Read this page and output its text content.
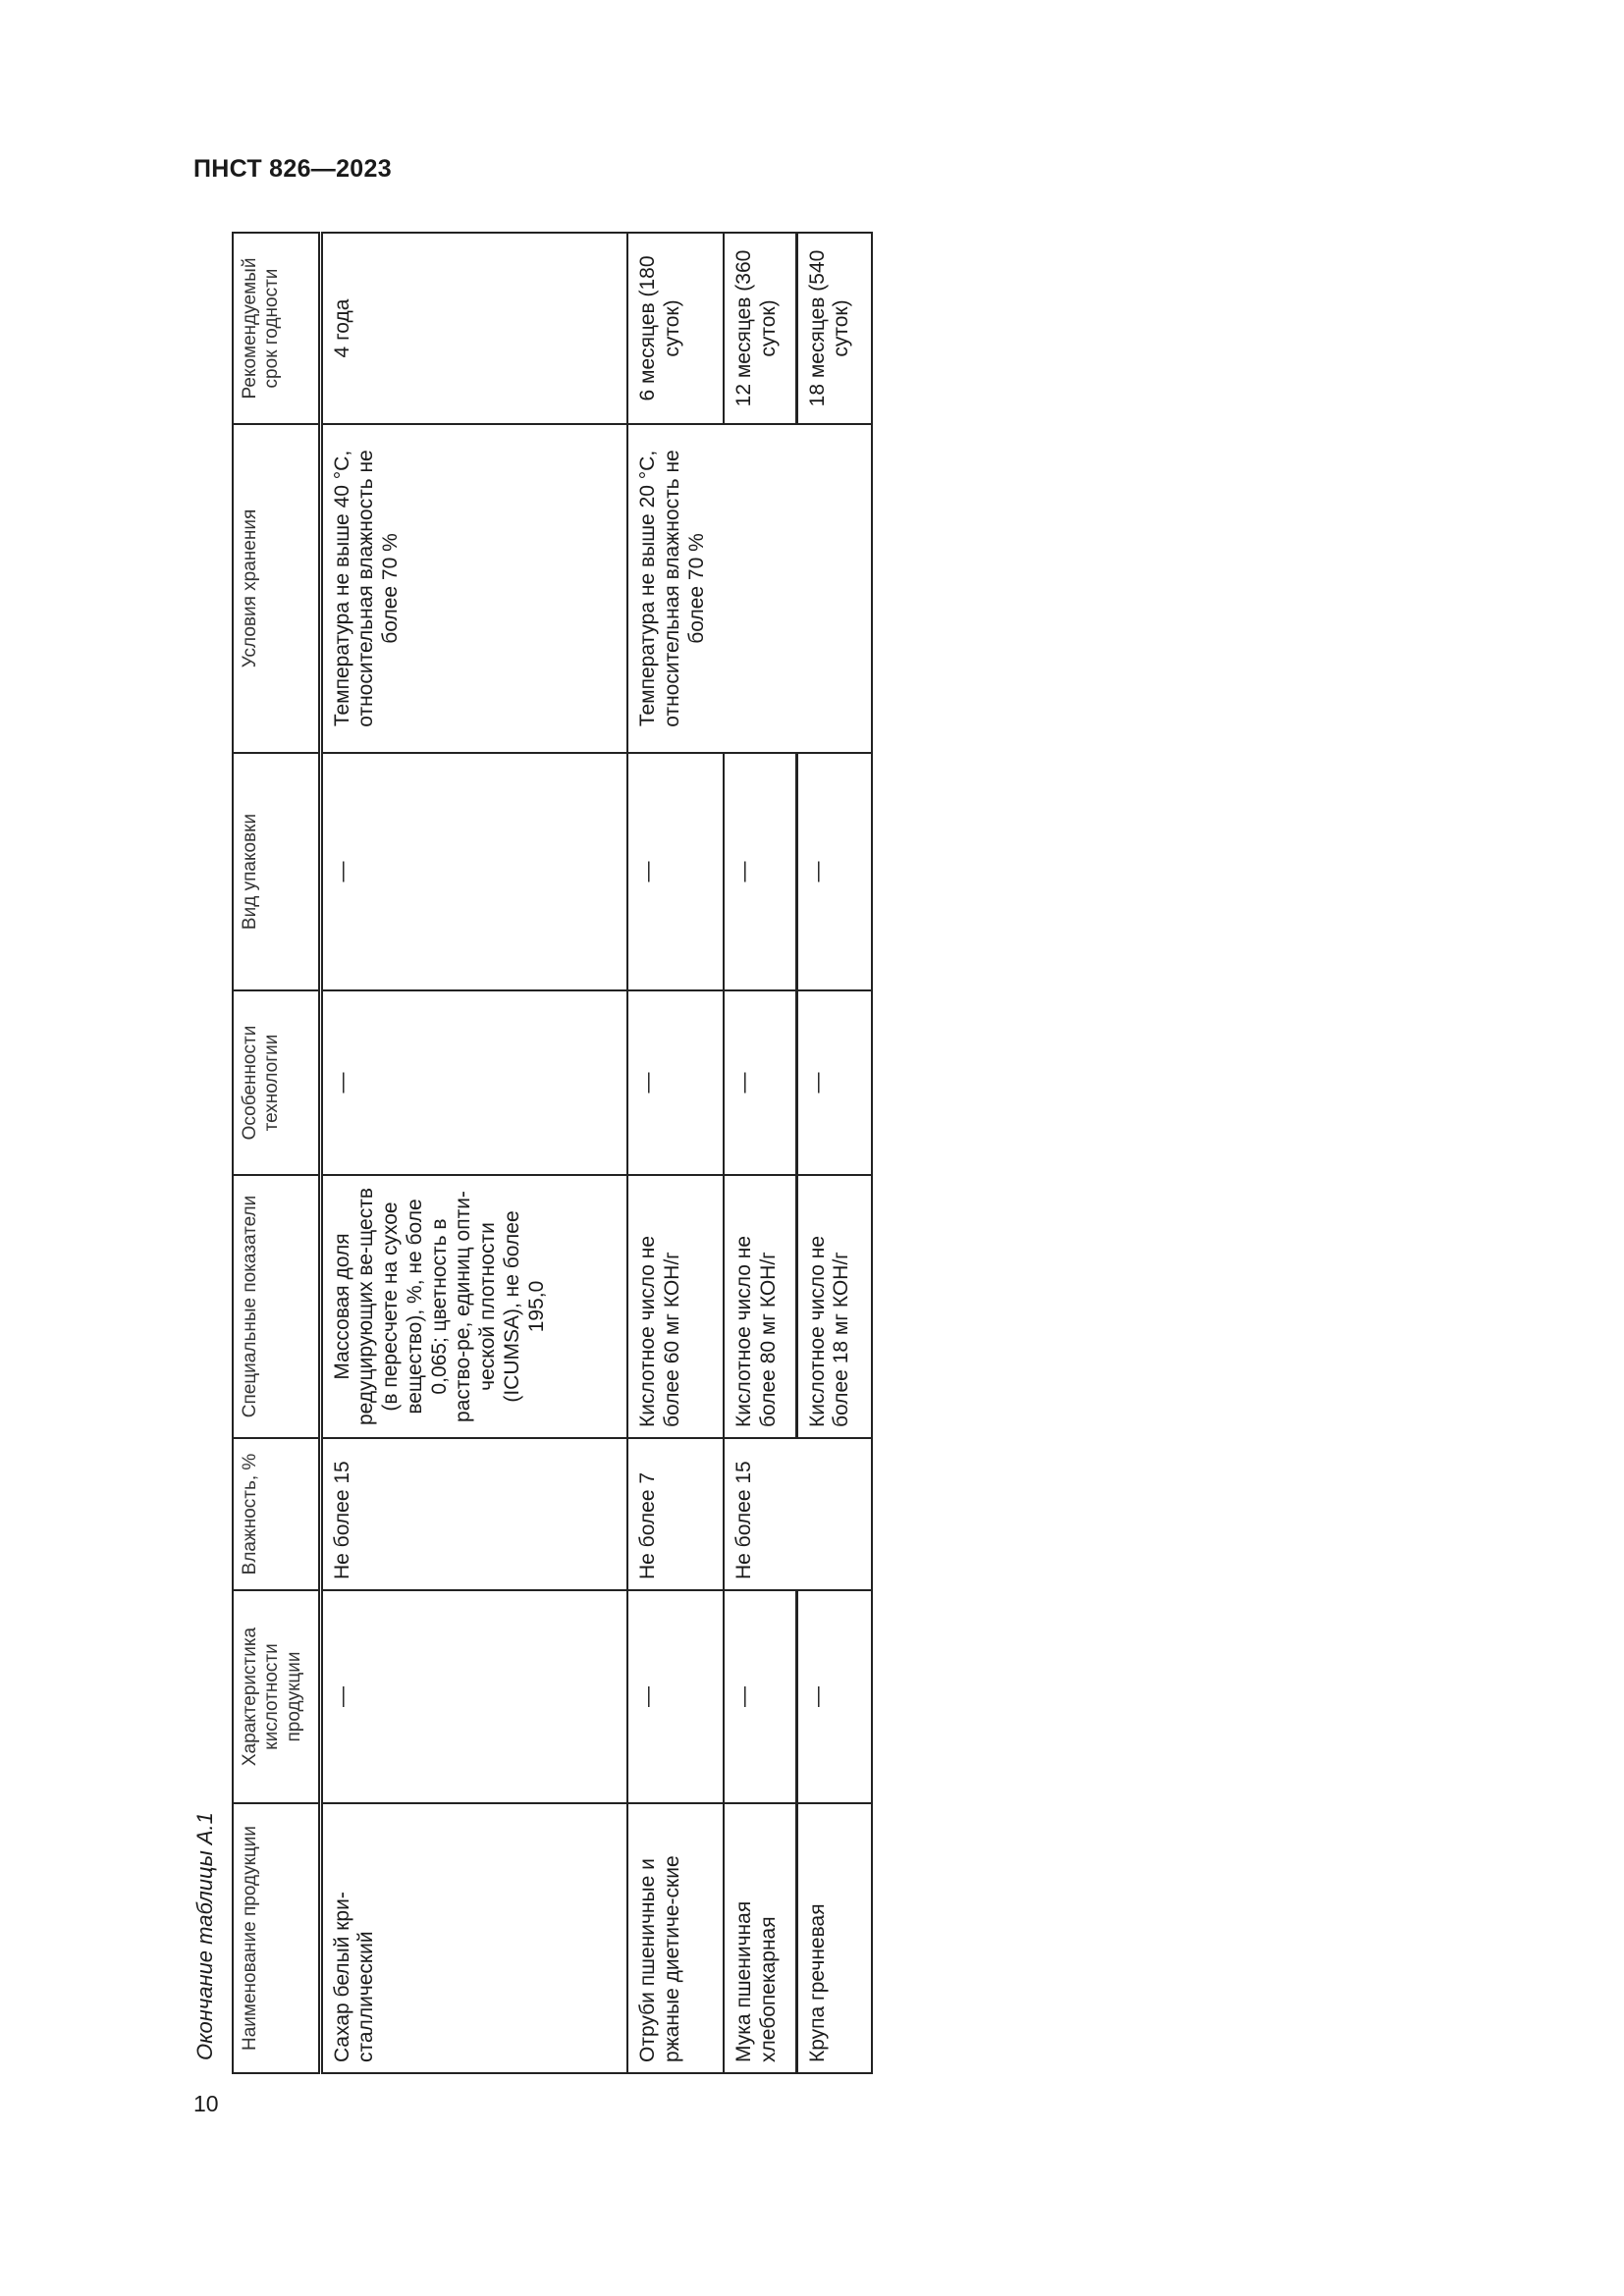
ПНСТ 826—2023
Окончание таблицы А.1 Наименование продукции	Характеристика кислотности продукции	Влажность, %	Специальные показатели	Особенности технологии	Вид упаковки	Условия хранения	Рекомендуемый срок годности
Сахар белый кри-сталлический	—	Не более 15	Массовая доля редуцирующих ве-ществ (в пересчете на сухое вещество), %, не боле 0,065; цветность в раство-ре, единиц опти-ческой плотности (ICUMSA), не более 195,0	—	—	Температура не выше 40 °С, относительная влажность не более 70 %	4 года
Отруби пшеничные и ржаные диетиче-ские	—	Не более 7	Кислотное число не более 60 мг КОН/г	—	—	Температура не выше 20 °С, относительная влажность не более 70 %	6 месяцев (180 суток)
Мука пшеничная хлебопекарная	—	Не более 15	Кислотное число не более 80 мг КОН/г	—	—		12 месяцев (360 суток)
Крупа гречневая	—		Кислотное число не более 18 мг КОН/г	—	—		18 месяцев (540 суток)
10
